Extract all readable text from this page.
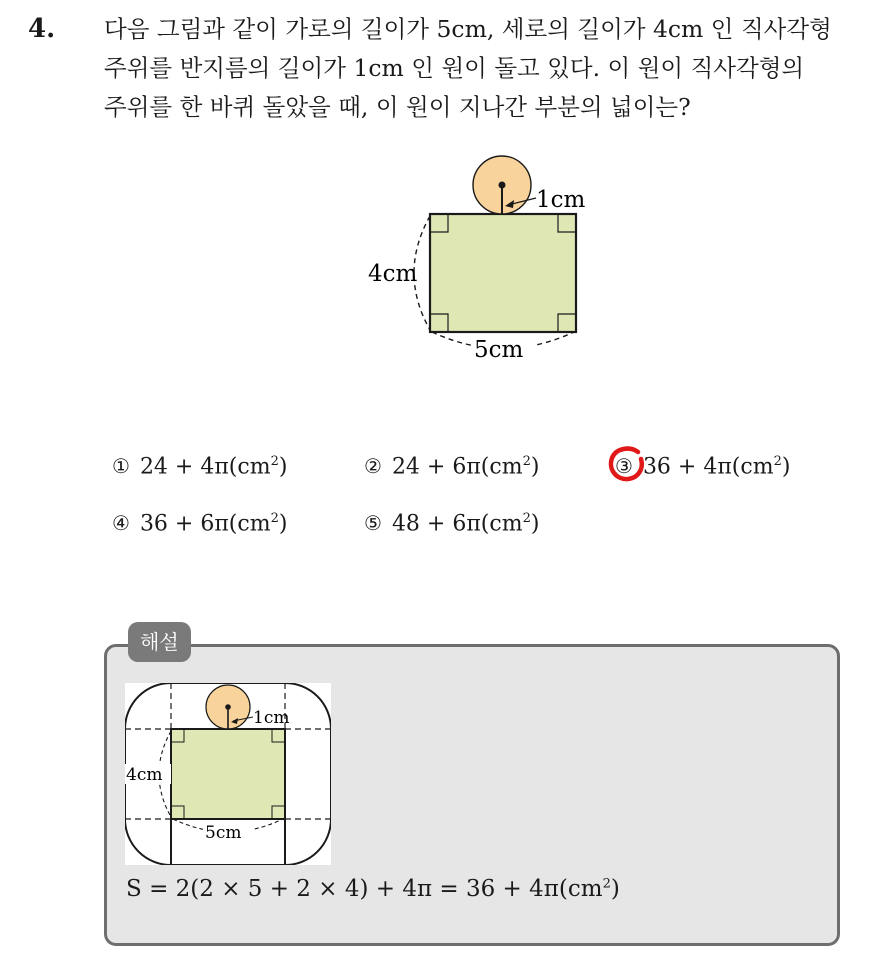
4. 다음 그림과 같이 가로의 길이가 5cm, 세로의 길이가 4cm 인 직사각형
주위를 반지름의 길이가 1cm 인 원이 돌고 있다. 이 원이 직사각형의
주위를 한 바퀴 돌았을 때, 이 원이 지나간 부분의 넓이는?
1cm
4cm
5cm
① $24 + 4\pi(cm^2)$	② $24 + 6\pi(cm^2)$	③ $36 + 4\pi(cm^2)$
④ $36 + 6\pi(cm^2)$	⑤ $48 + 6\pi(cm^2)$
해설
1cm
4cm
5cm
$S = 2(2 \times 5 + 2 \times 4) + 4\pi = 36 + 4\pi(cm^2)$
